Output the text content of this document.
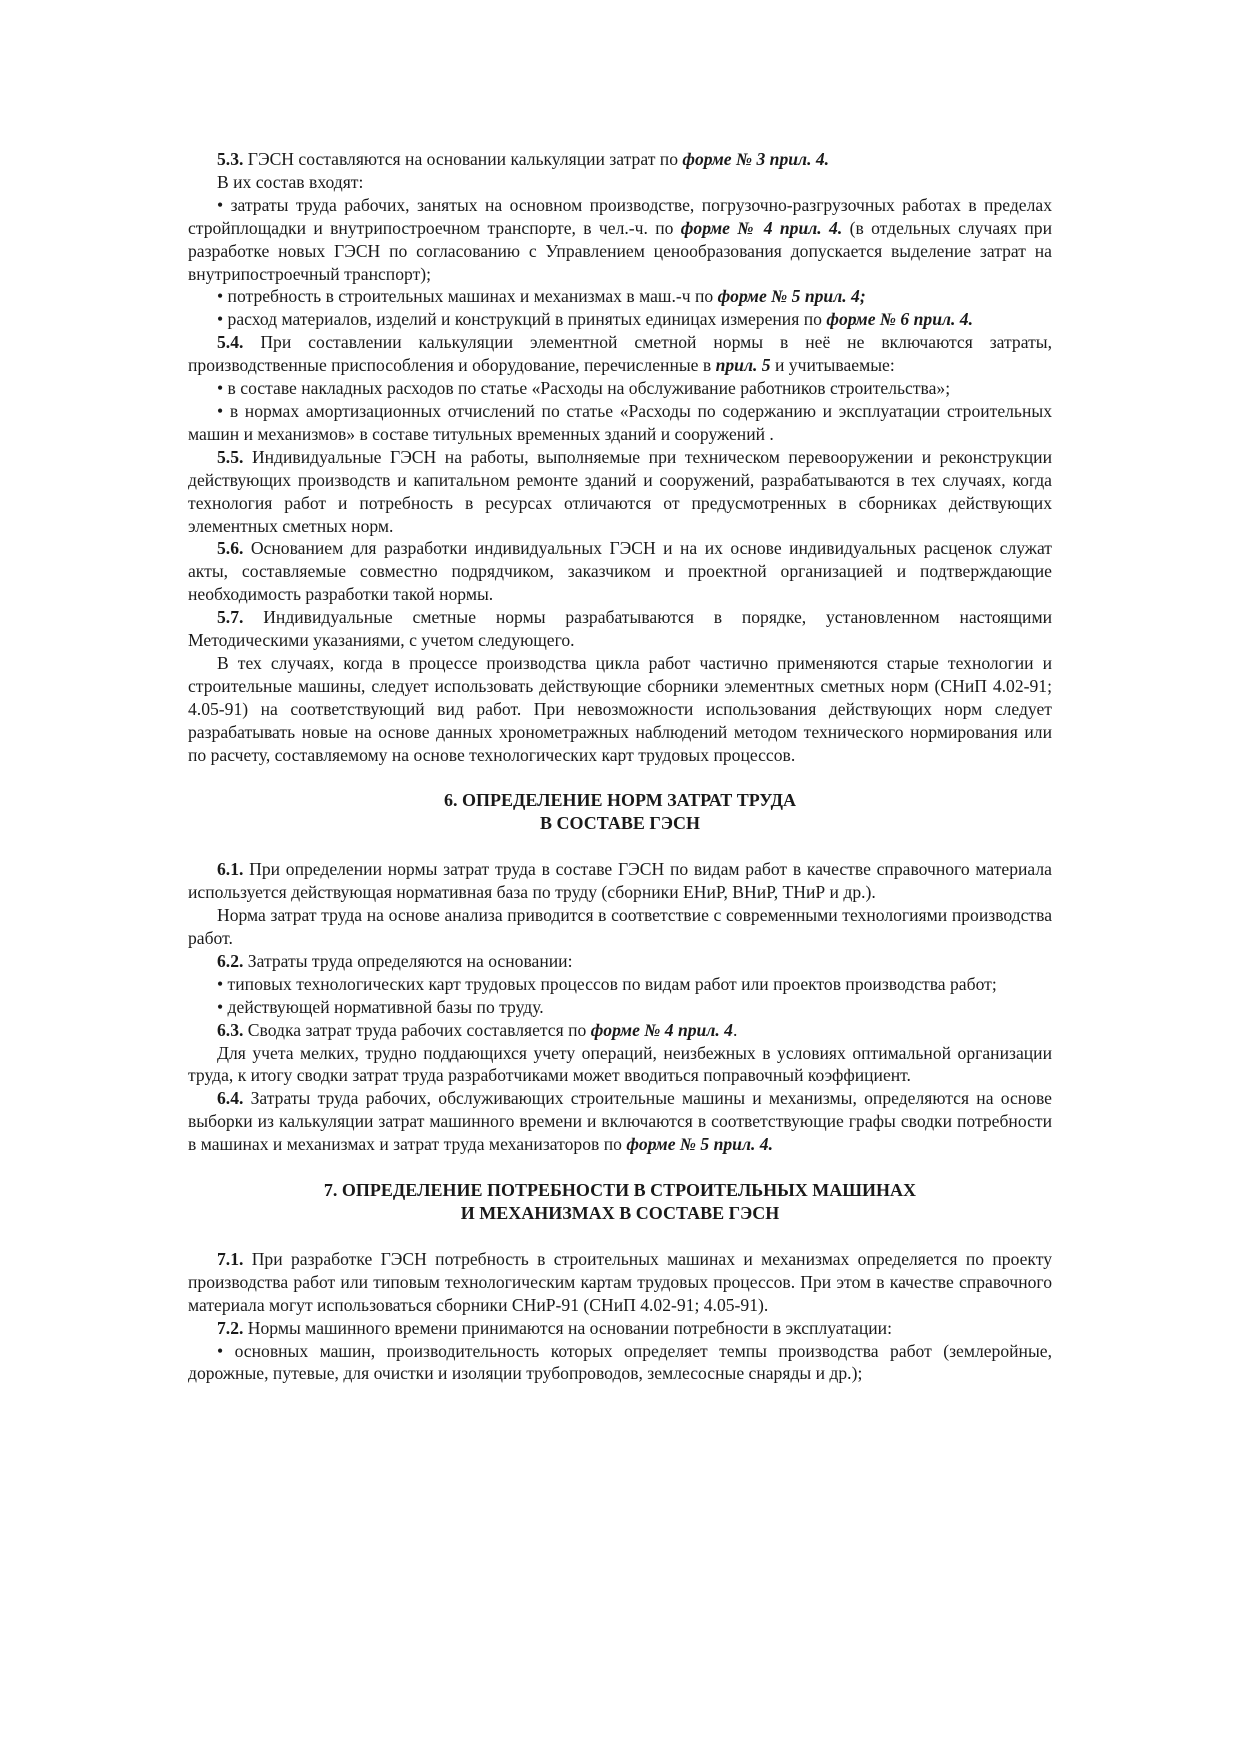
5.3. ГЭСН составляются на основании калькуляции затрат по форме № 3 прил. 4.

В их состав входят:

• затраты труда рабочих, занятых на основном производстве, погрузочно-разгрузочных работах в пределах стройплощадки и внутрипостроечном транспорте, в чел.-ч. по форме № 4 прил. 4. (в отдельных случаях при разработке новых ГЭСН по согласованию с Управлением ценообразования допускается выделение затрат на внутрипостроечный транспорт);

• потребность в строительных машинах и механизмах в маш.-ч по форме № 5 прил. 4;

• расход материалов, изделий и конструкций в принятых единицах измерения по форме № 6 прил. 4.

5.4. При составлении калькуляции элементной сметной нормы в неё не включаются затраты, производственные приспособления и оборудование, перечисленные в прил. 5 и учитываемые:

• в составе накладных расходов по статье «Расходы на обслуживание работников строительства»;

• в нормах амортизационных отчислений по статье «Расходы по содержанию и эксплуатации строительных машин и механизмов» в составе титульных временных зданий и сооружений .

5.5. Индивидуальные ГЭСН на работы, выполняемые при техническом перевооружении и реконструкции действующих производств и капитальном ремонте зданий и сооружений, разрабатываются в тех случаях, когда технология работ и потребность в ресурсах отличаются от предусмотренных в сборниках действующих элементных сметных норм.

5.6. Основанием для разработки индивидуальных ГЭСН и на их основе индивидуальных расценок служат акты, составляемые совместно подрядчиком, заказчиком и проектной организацией и подтверждающие необходимость разработки такой нормы.

5.7. Индивидуальные сметные нормы разрабатываются в порядке, установленном настоящими Методическими указаниями, с учетом следующего.

В тех случаях, когда в процессе производства цикла работ частично применяются старые технологии и строительные машины, следует использовать действующие сборники элементных сметных норм (СНиП 4.02-91; 4.05-91) на соответствующий вид работ. При невозможности использования действующих норм следует разрабатывать новые на основе данных хронометражных наблюдений методом технического нормирования или по расчету, составляемому на основе технологических карт трудовых процессов.

6. ОПРЕДЕЛЕНИЕ НОРМ ЗАТРАТ ТРУДА
В СОСТАВЕ ГЭСН

6.1. При определении нормы затрат труда в составе ГЭСН по видам работ в качестве справочного материала используется действующая нормативная база по труду (сборники ЕНиР, ВНиР, ТНиР и др.).

Норма затрат труда на основе анализа приводится в соответствие с современными технологиями производства работ.

6.2. Затраты труда определяются на основании:

• типовых технологических карт трудовых процессов по видам работ или проектов производства работ;

• действующей нормативной базы по труду.

6.3. Сводка затрат труда рабочих составляется по форме № 4 прил. 4.

Для учета мелких, трудно поддающихся учету операций, неизбежных в условиях оптимальной организации труда, к итогу сводки затрат труда разработчиками может вводиться поправочный коэффициент.

6.4. Затраты труда рабочих, обслуживающих строительные машины и механизмы, определяются на основе выборки из калькуляции затрат машинного времени и включаются в соответствующие графы сводки потребности в машинах и механизмах и затрат труда механизаторов по форме № 5 прил. 4.

7. ОПРЕДЕЛЕНИЕ ПОТРЕБНОСТИ В СТРОИТЕЛЬНЫХ МАШИНАХ
И МЕХАНИЗМАХ В СОСТАВЕ ГЭСН

7.1. При разработке ГЭСН потребность в строительных машинах и механизмах определяется по проекту производства работ или типовым технологическим картам трудовых процессов. При этом в качестве справочного материала могут использоваться сборники СНиР-91 (СНиП 4.02-91; 4.05-91).

7.2. Нормы машинного времени принимаются на основании потребности в эксплуатации:

• основных машин, производительность которых определяет темпы производства работ (землеройные, дорожные, путевые, для очистки и изоляции трубопроводов, землесосные снаряды и др.);
